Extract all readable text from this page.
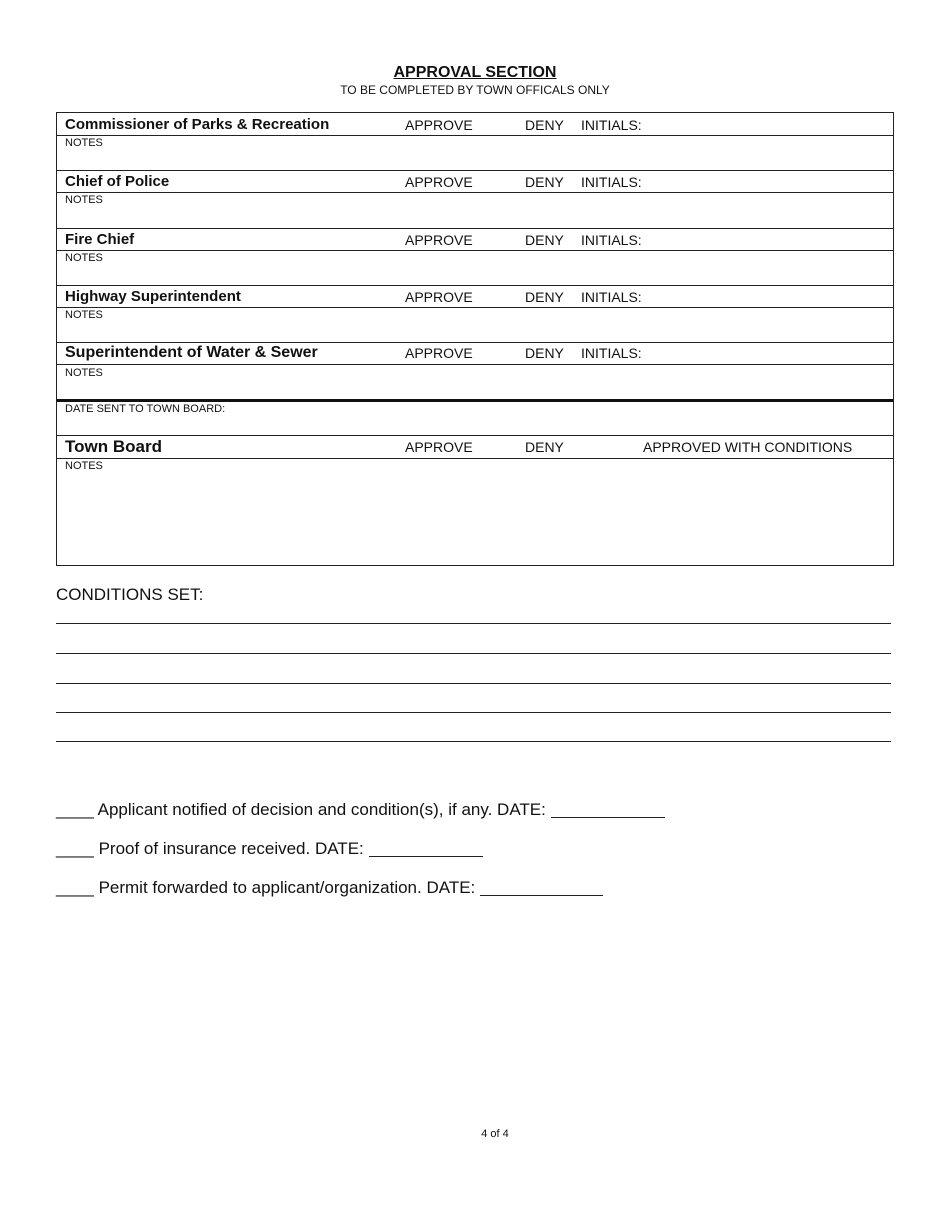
APPROVAL SECTION
TO BE COMPLETED BY TOWN OFFICALS ONLY
Commissioner of Parks & Recreation	APPROVE	DENY INITIALS:
NOTES
Chief of Police	APPROVE	DENY INITIALS:
NOTES
Fire Chief	APPROVE	DENY INITIALS:
NOTES
Highway Superintendent	APPROVE	DENY INITIALS:
NOTES
Superintendent of Water & Sewer	APPROVE	DENY INITIALS:
NOTES
DATE SENT TO TOWN BOARD:
Town Board	APPROVE	DENY	APPROVED WITH CONDITIONS
NOTES
CONDITIONS SET:
____ Applicant notified of decision and condition(s), if any. DATE:
____ Proof of insurance received. DATE:
____ Permit forwarded to applicant/organization. DATE:
4 of 4
